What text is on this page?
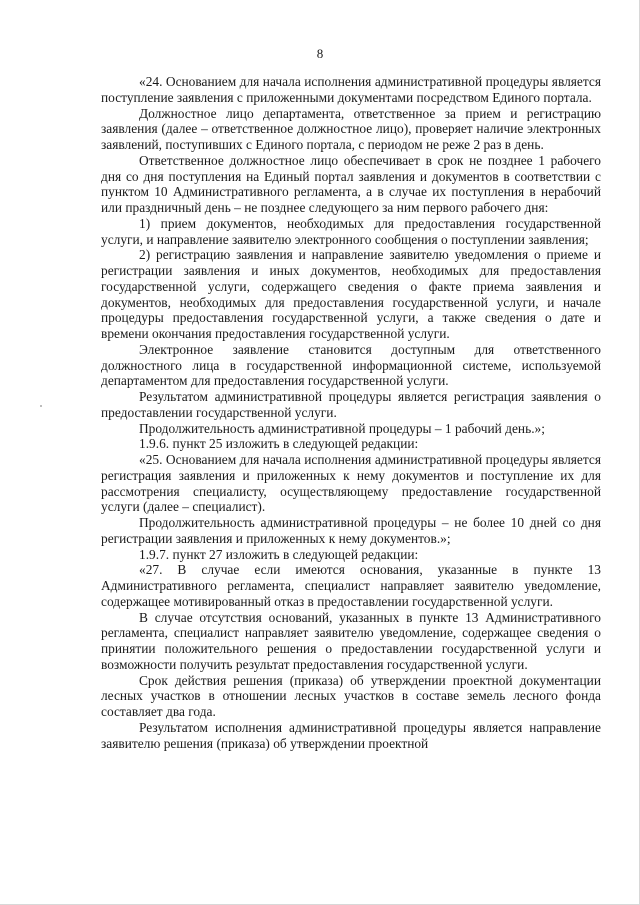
8

«24. Основанием для начала исполнения административной процедуры является поступление заявления с приложенными документами посредством Единого портала.

Должностное лицо департамента, ответственное за прием и регистрацию заявления (далее – ответственное должностное лицо), проверяет наличие электронных заявлений, поступивших с Единого портала, с периодом не реже 2 раз в день.

Ответственное должностное лицо обеспечивает в срок не позднее 1 рабочего дня со дня поступления на Единый портал заявления и документов в соответствии с пунктом 10 Административного регламента, а в случае их поступления в нерабочий или праздничный день – не позднее следующего за ним первого рабочего дня:

1) прием документов, необходимых для предоставления государственной услуги, и направление заявителю электронного сообщения о поступлении заявления;

2) регистрацию заявления и направление заявителю уведомления о приеме и регистрации заявления и иных документов, необходимых для предоставления государственной услуги, содержащего сведения о факте приема заявления и документов, необходимых для предоставления государственной услуги, и начале процедуры предоставления государственной услуги, а также сведения о дате и времени окончания предоставления государственной услуги.

Электронное заявление становится доступным для ответственного должностного лица в государственной информационной системе, используемой департаментом для предоставления государственной услуги.

Результатом административной процедуры является регистрация заявления о предоставлении государственной услуги.

Продолжительность административной процедуры – 1 рабочий день.»;

1.9.6. пункт 25 изложить в следующей редакции:

«25. Основанием для начала исполнения административной процедуры является регистрация заявления и приложенных к нему документов и поступление их для рассмотрения специалисту, осуществляющему предоставление государственной услуги (далее – специалист).

Продолжительность административной процедуры – не более 10 дней со дня регистрации заявления и приложенных к нему документов.»;

1.9.7. пункт 27 изложить в следующей редакции:

«27. В случае если имеются основания, указанные в пункте 13 Административного регламента, специалист направляет заявителю уведомление, содержащее мотивированный отказ в предоставлении государственной услуги.

В случае отсутствия оснований, указанных в пункте 13 Административного регламента, специалист направляет заявителю уведомление, содержащее сведения о принятии положительного решения о предоставлении государственной услуги и возможности получить результат предоставления государственной услуги.

Срок действия решения (приказа) об утверждении проектной документации лесных участков в отношении лесных участков в составе земель лесного фонда составляет два года.

Результатом исполнения административной процедуры является направление заявителю решения (приказа) об утверждении проектной
